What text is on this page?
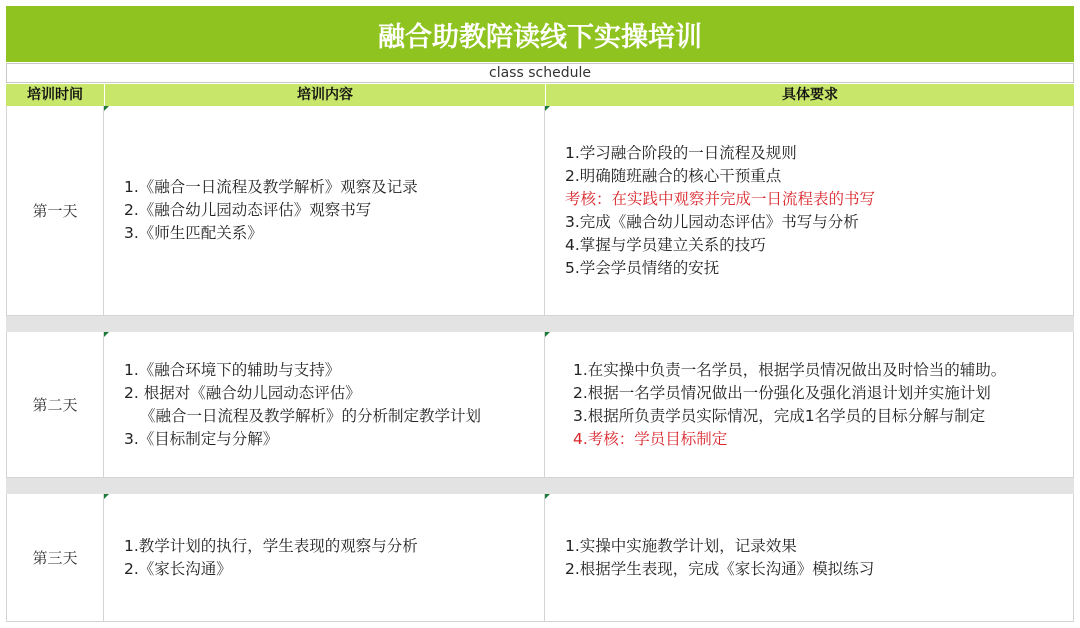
融合助教陪读线下实操培训
class schedule
培训时间	培训内容	具体要求
第一天
1.《融合一日流程及教学解析》观察及记录
2.《融合幼儿园动态评估》观察书写
3.《师生匹配关系》
1.学习融合阶段的一日流程及规则
2.明确随班融合的核心干预重点
考核：在实践中观察并完成一日流程表的书写
3.完成《融合幼儿园动态评估》书写与分析
4.掌握与学员建立关系的技巧
5.学会学员情绪的安抚
第二天
1.《融合环境下的辅助与支持》
2. 根据对《融合幼儿园动态评估》
《融合一日流程及教学解析》的分析制定教学计划
3.《目标制定与分解》
1.在实操中负责一名学员，根据学员情况做出及时恰当的辅助。
2.根据一名学员情况做出一份强化及强化消退计划并实施计划
3.根据所负责学员实际情况，完成1名学员的目标分解与制定
4.考核：学员目标制定
第三天
1.教学计划的执行，学生表现的观察与分析
2.《家长沟通》
1.实操中实施教学计划，记录效果
2.根据学生表现，完成《家长沟通》模拟练习
